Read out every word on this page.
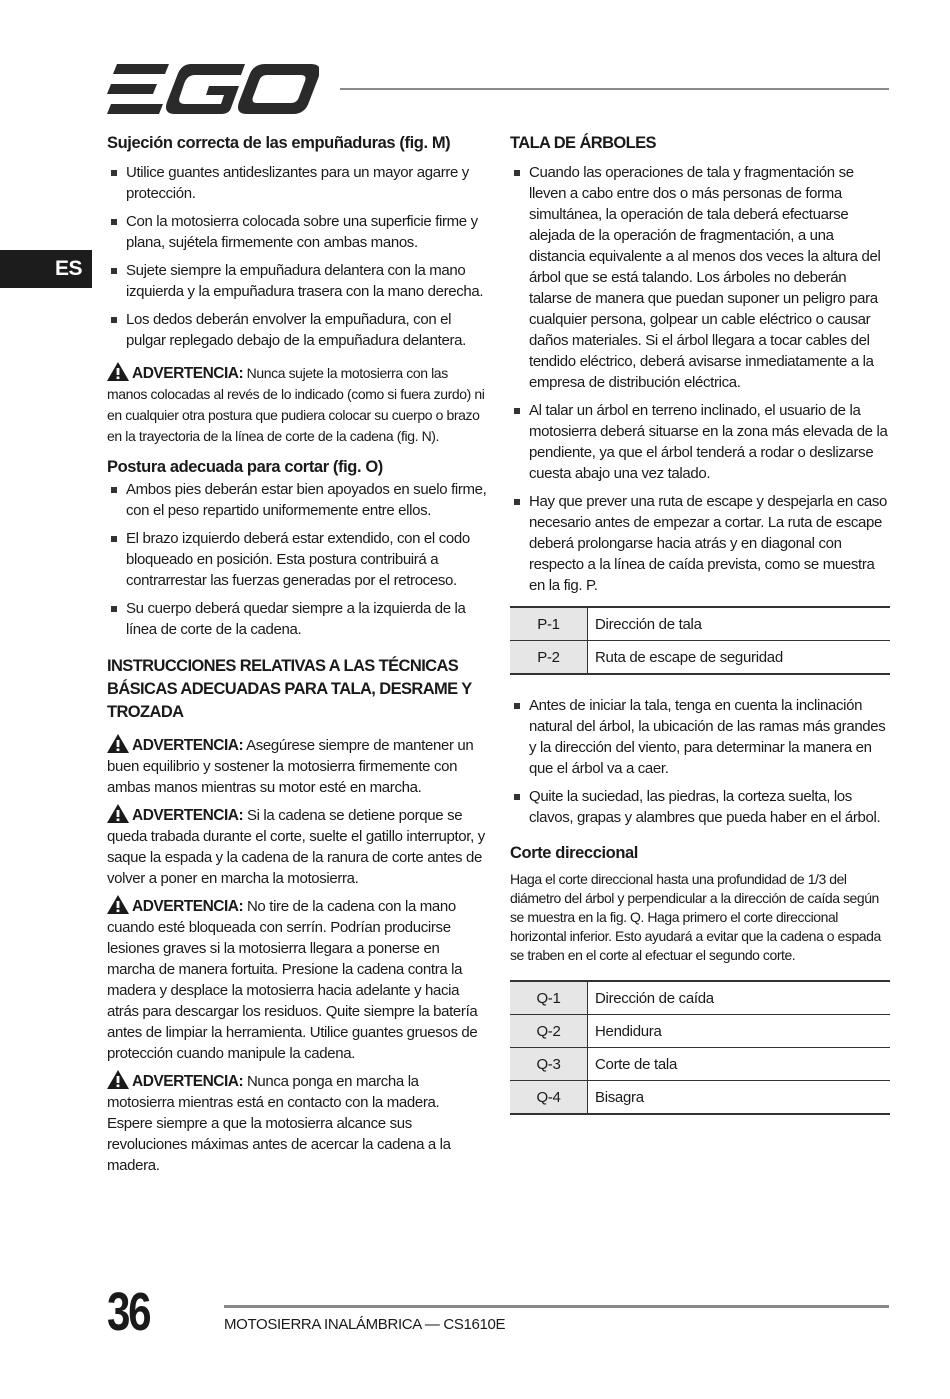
ES
Sujeción correcta de las empuñaduras (fig. M)
Utilice guantes antideslizantes para un mayor agarre y protección.
Con la motosierra colocada sobre una superficie firme y plana, sujétela firmemente con ambas manos.
Sujete siempre la empuñadura delantera con la mano izquierda y la empuñadura trasera con la mano derecha.
Los dedos deberán envolver la empuñadura, con el pulgar replegado debajo de la empuñadura delantera.
ADVERTENCIA: Nunca sujete la motosierra con las manos colocadas al revés de lo indicado (como si fuera zurdo) ni en cualquier otra postura que pudiera colocar su cuerpo o brazo en la trayectoria de la línea de corte de la cadena (fig. N).
Postura adecuada para cortar (fig. O)
Ambos pies deberán estar bien apoyados en suelo firme, con el peso repartido uniformemente entre ellos.
El brazo izquierdo deberá estar extendido, con el codo bloqueado en posición. Esta postura contribuirá a contrarrestar las fuerzas generadas por el retroceso.
Su cuerpo deberá quedar siempre a la izquierda de la línea de corte de la cadena.
INSTRUCCIONES RELATIVAS A LAS TÉCNICAS BÁSICAS ADECUADAS PARA TALA, DESRAME Y TROZADA
ADVERTENCIA: Asegúrese siempre de mantener un buen equilibrio y sostener la motosierra firmemente con ambas manos mientras su motor esté en marcha.
ADVERTENCIA: Si la cadena se detiene porque se queda trabada durante el corte, suelte el gatillo interruptor, y saque la espada y la cadena de la ranura de corte antes de volver a poner en marcha la motosierra.
ADVERTENCIA: No tire de la cadena con la mano cuando esté bloqueada con serrín. Podrían producirse lesiones graves si la motosierra llegara a ponerse en marcha de manera fortuita. Presione la cadena contra la madera y desplace la motosierra hacia adelante y hacia atrás para descargar los residuos. Quite siempre la batería antes de limpiar la herramienta. Utilice guantes gruesos de protección cuando manipule la cadena.
ADVERTENCIA: Nunca ponga en marcha la motosierra mientras está en contacto con la madera. Espere siempre a que la motosierra alcance sus revoluciones máximas antes de acercar la cadena a la madera.
TALA DE ÁRBOLES
Cuando las operaciones de tala y fragmentación se lleven a cabo entre dos o más personas de forma simultánea, la operación de tala deberá efectuarse alejada de la operación de fragmentación, a una distancia equivalente a al menos dos veces la altura del árbol que se está talando. Los árboles no deberán talarse de manera que puedan suponer un peligro para cualquier persona, golpear un cable eléctrico o causar daños materiales. Si el árbol llegara a tocar cables del tendido eléctrico, deberá avisarse inmediatamente a la empresa de distribución eléctrica.
Al talar un árbol en terreno inclinado, el usuario de la motosierra deberá situarse en la zona más elevada de la pendiente, ya que el árbol tenderá a rodar o deslizarse cuesta abajo una vez talado.
Hay que prever una ruta de escape y despejarla en caso necesario antes de empezar a cortar. La ruta de escape deberá prolongarse hacia atrás y en diagonal con respecto a la línea de caída prevista, como se muestra en la fig. P.
P-1	Dirección de tala
P-2	Ruta de escape de seguridad
Antes de iniciar la tala, tenga en cuenta la inclinación natural del árbol, la ubicación de las ramas más grandes y la dirección del viento, para determinar la manera en que el árbol va a caer.
Quite la suciedad, las piedras, la corteza suelta, los clavos, grapas y alambres que pueda haber en el árbol.
Corte direccional
Haga el corte direccional hasta una profundidad de 1/3 del diámetro del árbol y perpendicular a la dirección de caída según se muestra en la fig. Q. Haga primero el corte direccional horizontal inferior. Esto ayudará a evitar que la cadena o espada se traben en el corte al efectuar el segundo corte.
Q-1	Dirección de caída
Q-2	Hendidura
Q-3	Corte de tala
Q-4	Bisagra
36	MOTOSIERRA INALÁMBRICA — CS1610E
